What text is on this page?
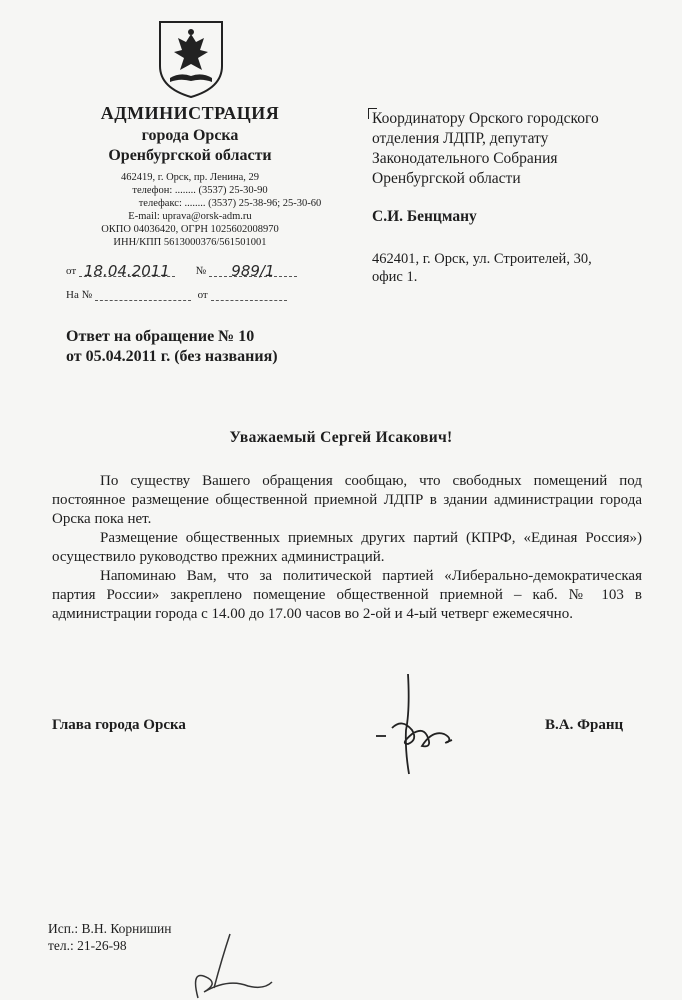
АДМИНИСТРАЦИЯ
города Орска
Оренбургской области
462419, г. Орск, пр. Ленина, 29
телефон: ........ (3537) 25-30-90
телефакс: ........ (3537) 25-38-96; 25-30-60
E-mail: uprava@orsk-adm.ru
ОКПО 04036420, ОГРН 1025602008970
ИНН/КПП 5613000376/561501001
от 18.04.2011 № 989/1
На №	от
Координатору Орского городского
отделения ЛДПР, депутату
Законодательного Собрания
Оренбургской области
С.И. Бенцману
462401, г. Орск, ул. Строителей, 30,
офис 1.
Ответ на обращение № 10
от 05.04.2011 г. (без названия)
Уважаемый Сергей Исакович!

По существу Вашего обращения сообщаю, что свободных помещений под постоянное размещение общественной приемной ЛДПР в здании администрации города Орска пока нет.

Размещение общественных приемных других партий (КПРФ, «Единая Россия») осуществило руководство прежних администраций.

Напоминаю Вам, что за политической партией «Либерально-демократическая партия России» закреплено помещение общественной приемной – каб. № 103 в администрации города с 14.00 до 17.00 часов во 2-ой и 4-ый четверг ежемесячно.

Глава города Орска	В.А. Франц
Исп.: В.Н. Корнишин
тел.: 21-26-98
